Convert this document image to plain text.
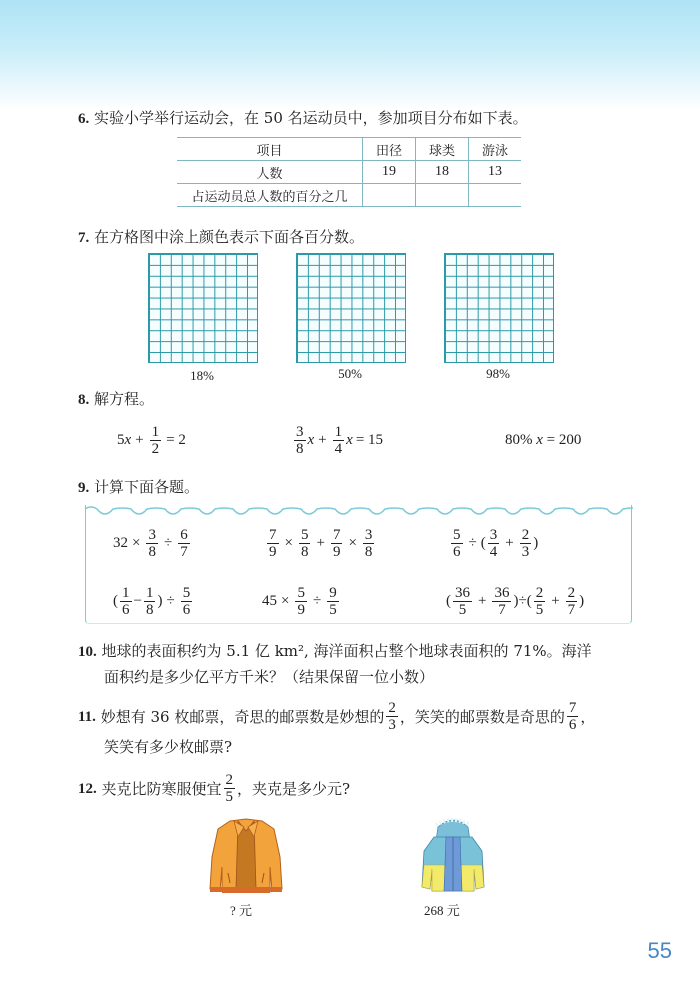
6. 实验小学举行运动会，在 50 名运动员中，参加项目分布如下表。
项目	田径	球类	游泳
人数	19	18	13
占运动员总人数的百分之几			
7. 在方格图中涂上颜色表示下面各百分数。
18%	50%	98%
8. 解方程。
5 $x + \frac{1}{2} = 2$	$\frac{3}{8}$ $x + \frac{1}{4}$ x = 15	80%
x
= 200
9. 计算下面各题。
$32 \times \frac{3}{8} \div \frac{6}{7}$	$\frac{7}{9} \times \frac{5}{8} + \frac{7}{9} \times \frac{3}{8}$	$\frac{5}{6}$ ÷ ( $\frac{3}{4} + \frac{2}{3}$ )
( $\frac{1}{6} - \frac{1}{8}$ ) ÷ $\frac{5}{6}$	$45 \times \frac{5}{9} \div \frac{9}{5}$	( $\frac{36}{5} + \frac{36}{7}$ ) ÷ ( $\frac{2}{5} + \frac{2}{7}$ )
10. 地球的表面积约为 5.1 亿 km², 海洋面积占整个地球表面积的 71%。海洋
面积约是多少亿平方千米？（结果保留一位小数）
11.
妙想有 36 枚邮票，奇思的邮票数是妙想的 $\frac{2}{3}$ ，笑笑的邮票数是奇思的 $\frac{7}{6}$ ，
笑笑有多少枚邮票?
12.
夹克比防寒服便宜 $\frac{2}{5}$ ，夹克是多少元?
? 元	268 元
55
